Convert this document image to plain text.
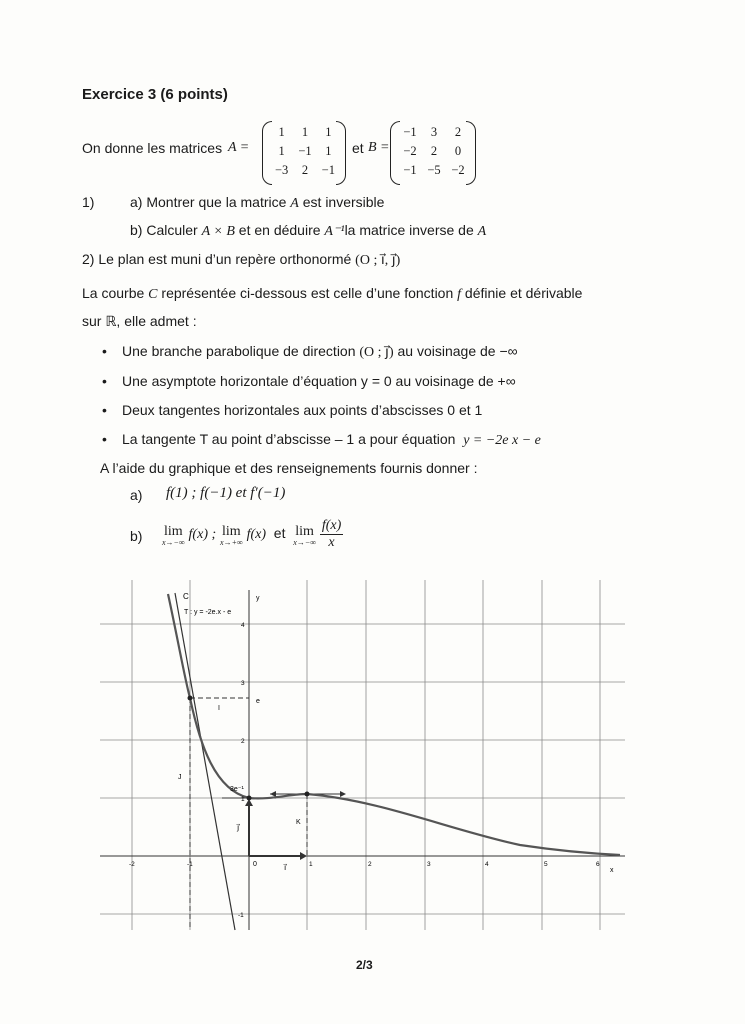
Exercice 3 (6 points)
On donne les matrices A =
1	1	1
1	−1	1
−3	2	−1
et B =
−1	3	2
−2	2	0
−1	−5	−2
1)	a) Montrer que la matrice A est inversible
b) Calculer A × B et en déduire A⁻¹la matrice inverse de A
2) Le plan est muni d’un repère orthonormé (O ; i⃗, j⃗)
La courbe C représentée ci-dessous est celle d’une fonction f définie et dérivable
sur ℝ, elle admet :
• Une branche parabolique de direction (O ; j⃗) au voisinage de −∞
• Une asymptote horizontale d’équation y = 0 au voisinage de +∞
• Deux tangentes horizontales aux points d’abscisses 0 et 1
• La tangente T au point d’abscisse – 1 a pour équation y = −2e x − e
A l’aide du graphique et des renseignements fournis donner :
a) f(1) ; f(−1) et f′(−1)
b) lim
x→−∞ f(x) ; lim
x→+∞ f(x) et lim
x→−∞
$\frac{f(x)}{x}$
C
T : y = -2e.x - e
y
x
0	i⃗
j⃗
e
3e⁻¹
I
J
K
-2	-1	1	2	3	4	5	6
4
3
2
1
-1
2/3
